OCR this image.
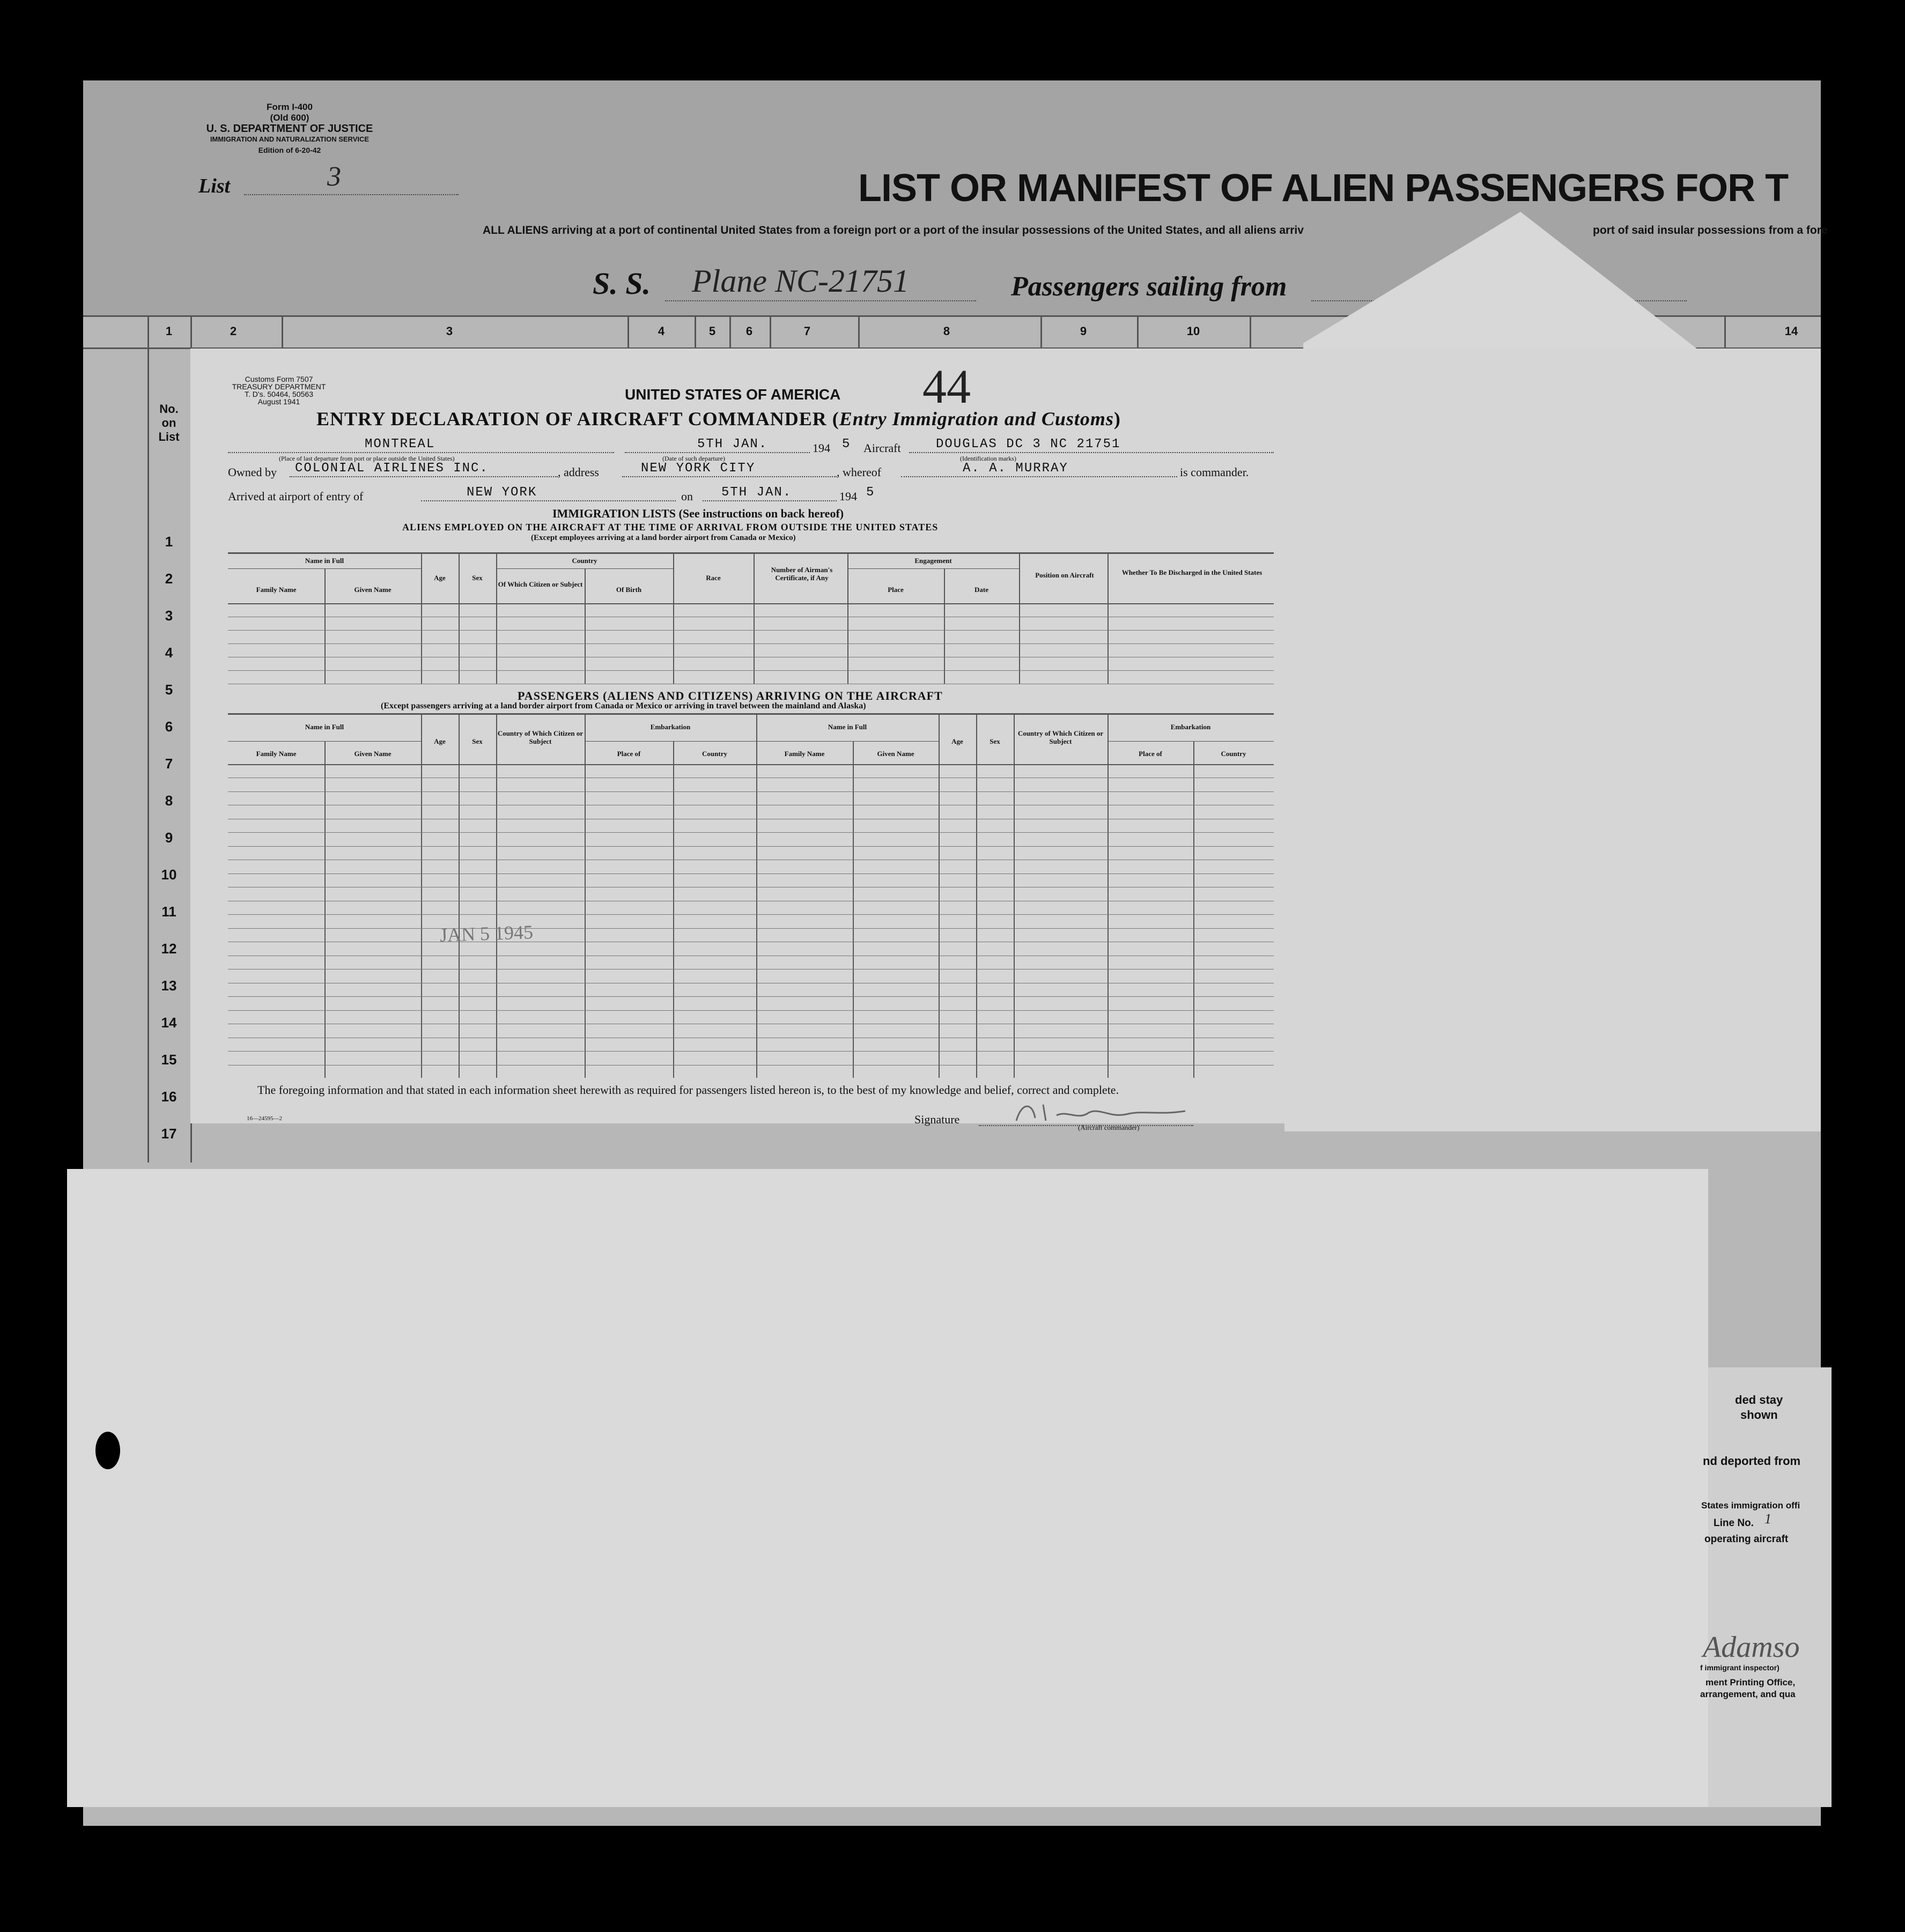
Form I-400
(Old 600)
U. S. DEPARTMENT OF JUSTICE
IMMIGRATION AND NATURALIZATION SERVICE
Edition of 6-20-42
List	3	LIST OR MANIFEST OF ALIEN PASSENGERS FOR T
ALL ALIENS arriving at a port of continental United States from a foreign port or a port of the insular possessions of the United States, and all aliens arriv	port of said insular possessions from a fore
S. S. Plane NC-21751	Passengers sailing from
1	2	3	4	5	6	7	8	9	10	14
No. on List
1
2
3
4
5
6
7
8
9
10
11
12
13
14
15
16
17
Customs Form 7507
TREASURY DEPARTMENT
T. D's. 50464, 50563
August 1941	UNITED STATES OF AMERICA 44
ENTRY DECLARATION OF AIRCRAFT COMMANDER (Entry Immigration and Customs)
MONTREAL	5TH JAN.	194 5 Aircraft	DOUGLAS DC 3 NC 21751
(Place of last departure from port or place outside the United States)	(Date of such departure)	(Identification marks)
Owned by COLONIAL AIRLINES INC.	, address	NEW YORK CITY	, whereof	A. A. MURRAY	is commander.
Arrived at airport of entry of	NEW YORK	on 5TH JAN.	194 5
IMMIGRATION LISTS (See instructions on back hereof)
ALIENS EMPLOYED ON THE AIRCRAFT AT THE TIME OF ARRIVAL FROM OUTSIDE THE UNITED STATES
(Except employees arriving at a land border airport from Canada or Mexico)
Name in Full
Family Name	Given Name
Age	Sex
Country
Of Which Citizen or Subject
Of Birth
Race
Number of Airman's Certificate, if Any
Engagement
Place	Date
Position on Aircraft	Whether To Be Discharged in the United States
PASSENGERS (ALIENS AND CITIZENS) ARRIVING ON THE AIRCRAFT
(Except passengers arriving at a land border airport from Canada or Mexico or arriving in travel between the mainland and Alaska)
Name in Full
Family Name	Given Name
Age	Sex
Country of Which Citizen or Subject
Embarkation
Place of	Country
Name in Full
Family Name	Given Name
Age	Sex
Country of Which Citizen or Subject
Embarkation
Place of	Country
JAN 5 1945
The foregoing information and that stated in each information sheet herewith as required for passengers listed hereon is, to the best of my knowledge and belief, correct and complete.
16—24595—2	Signature
(Aircraft commander)
ded stay
shown
nd deported from
States immigration offi
Line No. 1
operating aircraft
Adamso
f immigrant inspector)
ment Printing Office,
arrangement, and qua
